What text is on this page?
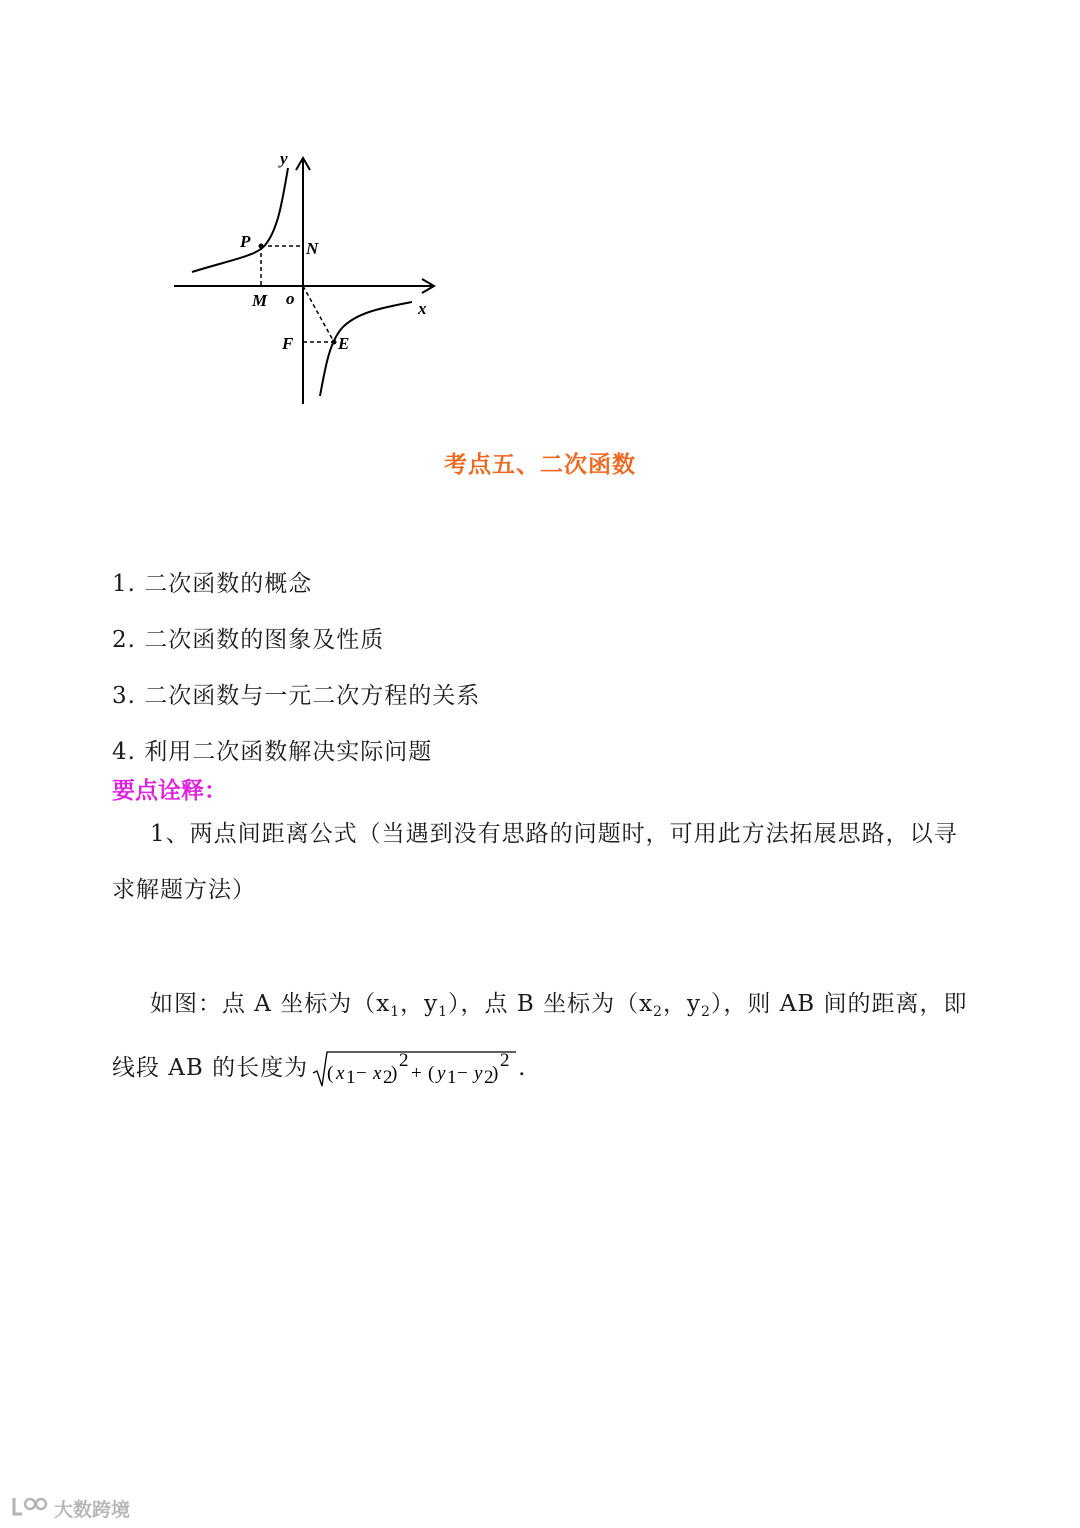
y
x
o
P	N
M
F	E
考点五、二次函数
1. 二次函数的概念
2. 二次函数的图象及性质
3. 二次函数与一元二次方程的关系
4. 利用二次函数解决实际问题
要点诠释：
1、两点间距离公式（当遇到没有思路的问题时，可用此方法拓展思路，以寻求解题方法）
如图：点 A 坐标为（$x_1$，$y_1$），点 B 坐标为（$x_2$，$y_2$），则 AB 间的距离，即线段 AB 的长度为 ( x 1 − x 2
)
2
+ ( y 1 − y 2
)
2 .
大数跨境
